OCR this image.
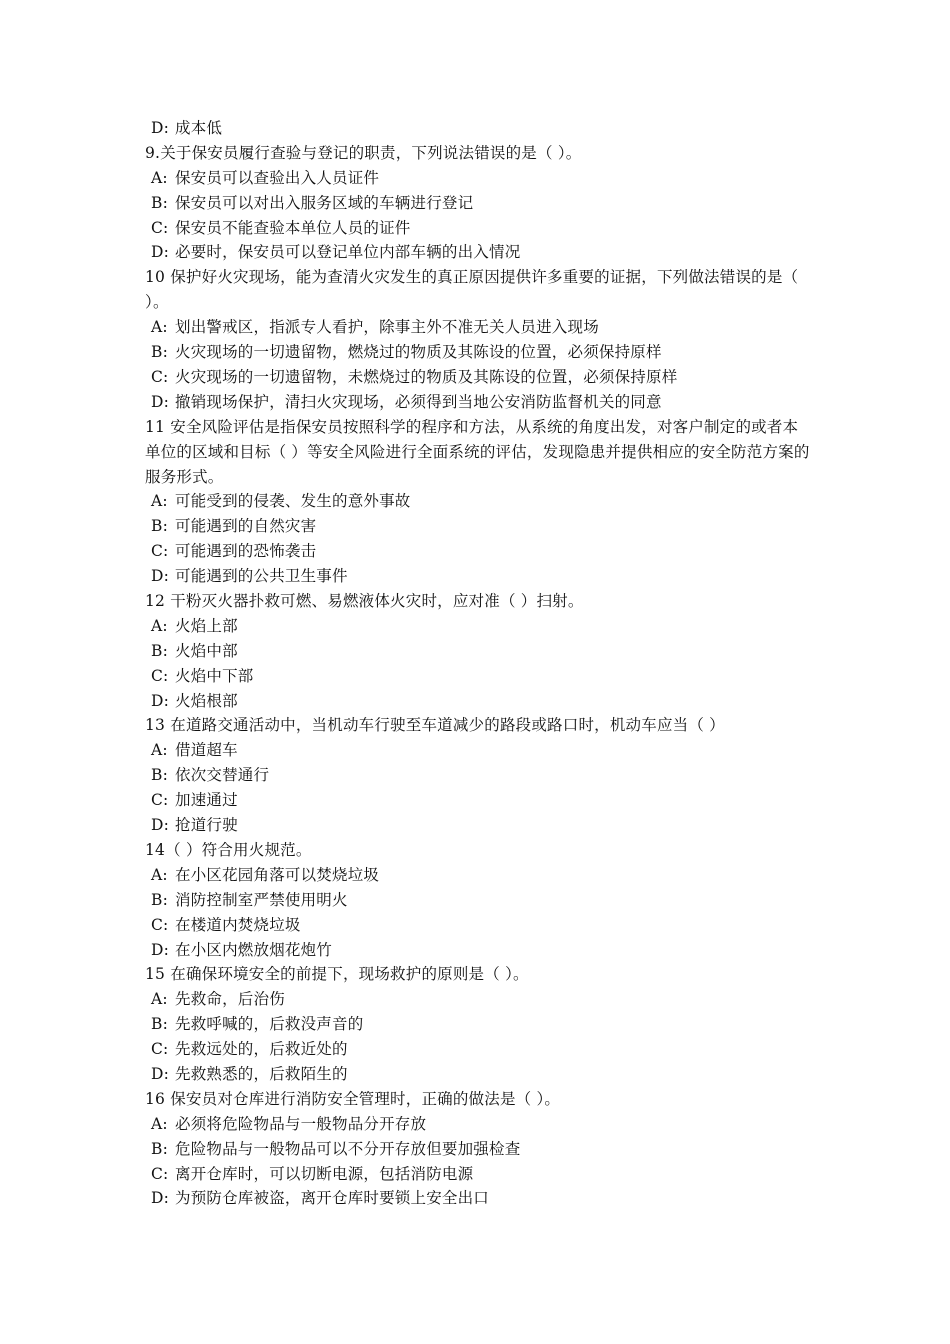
D: 成本低
9.关于保安员履行查验与登记的职责，下列说法错误的是（ ）。
A: 保安员可以查验出入人员证件
B: 保安员可以对出入服务区域的车辆进行登记
C: 保安员不能查验本单位人员的证件
D: 必要时，保安员可以登记单位内部车辆的出入情况
10 保护好火灾现场，能为查清火灾发生的真正原因提供许多重要的证据，下列做法错误的是（ ）。
A: 划出警戒区，指派专人看护，除事主外不准无关人员进入现场
B: 火灾现场的一切遗留物，燃烧过的物质及其陈设的位置，必须保持原样
C: 火灾现场的一切遗留物，未燃烧过的物质及其陈设的位置，必须保持原样
D: 撤销现场保护，清扫火灾现场，必须得到当地公安消防监督机关的同意
11 安全风险评估是指保安员按照科学的程序和方法，从系统的角度出发，对客户制定的或者本单位的区域和目标（ ）等安全风险进行全面系统的评估，发现隐患并提供相应的安全防范方案的服务形式。
A: 可能受到的侵袭、发生的意外事故
B: 可能遇到的自然灾害
C: 可能遇到的恐怖袭击
D: 可能遇到的公共卫生事件
12 干粉灭火器扑救可燃、易燃液体火灾时，应对准（ ）扫射。
A: 火焰上部
B: 火焰中部
C: 火焰中下部
D: 火焰根部
13 在道路交通活动中，当机动车行驶至车道减少的路段或路口时，机动车应当（ ）
A: 借道超车
B: 依次交替通行
C: 加速通过
D: 抢道行驶
14（ ）符合用火规范。
A: 在小区花园角落可以焚烧垃圾
B: 消防控制室严禁使用明火
C: 在楼道内焚烧垃圾
D: 在小区内燃放烟花炮竹
15 在确保环境安全的前提下，现场救护的原则是（ ）。
A: 先救命，后治伤
B: 先救呼喊的，后救没声音的
C: 先救远处的，后救近处的
D: 先救熟悉的，后救陌生的
16 保安员对仓库进行消防安全管理时，正确的做法是（ ）。
A: 必须将危险物品与一般物品分开存放
B: 危险物品与一般物品可以不分开存放但要加强检查
C: 离开仓库时，可以切断电源，包括消防电源
D: 为预防仓库被盗，离开仓库时要锁上安全出口
